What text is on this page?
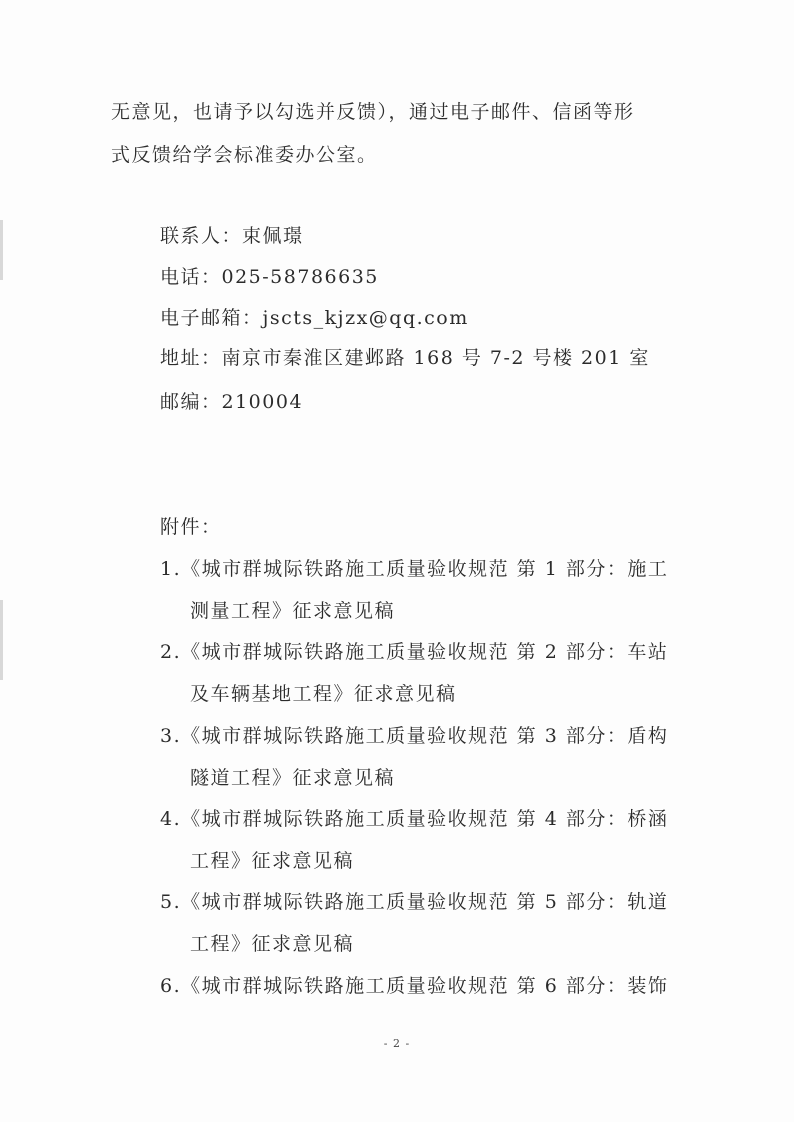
无意见，也请予以勾选并反馈），通过电子邮件、信函等形
式反馈给学会标准委办公室。
联系人：束佩璟
电话：025-58786635
电子邮箱：jscts_kjzx@qq.com
地址：南京市秦淮区建邺路 168 号 7-2 号楼 201 室
邮编：210004
附件：
1.《城市群城际铁路施工质量验收规范 第 1 部分：施工
测量工程》征求意见稿
2.《城市群城际铁路施工质量验收规范 第 2 部分：车站
及车辆基地工程》征求意见稿
3.《城市群城际铁路施工质量验收规范 第 3 部分：盾构
隧道工程》征求意见稿
4.《城市群城际铁路施工质量验收规范 第 4 部分：桥涵
工程》征求意见稿
5.《城市群城际铁路施工质量验收规范 第 5 部分：轨道
工程》征求意见稿
6.《城市群城际铁路施工质量验收规范 第 6 部分：装饰
- 2 -
